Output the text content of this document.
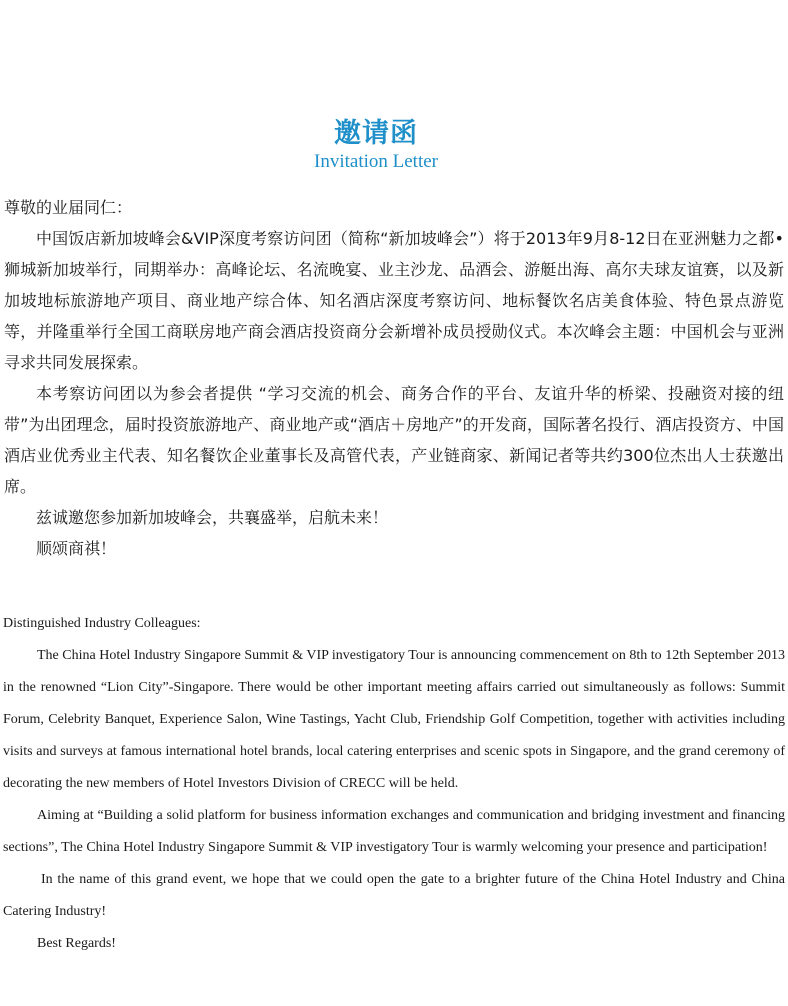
邀请函
Invitation Letter

尊敬的业届同仁：

中国饭店新加坡峰会&VIP深度考察访问团（简称“新加坡峰会”）将于2013年9月8-12日在亚洲魅力之都• 狮城新加坡举行，同期举办：高峰论坛、名流晚宴、业主沙龙、品酒会、游艇出海、高尔夫球友谊赛，以及新加坡地标旅游地产项目、商业地产综合体、知名酒店深度考察访问、地标餐饮名店美食体验、特色景点游览等，并隆重举行全国工商联房地产商会酒店投资商分会新增补成员授勋仪式。本次峰会主题：中国机会与亚洲寻求共同发展探索。

本考察访问团以为参会者提供 “学习交流的机会、商务合作的平台、友谊升华的桥梁、投融资对接的纽带”为出团理念，届时投资旅游地产、商业地产或“酒店＋房地产”的开发商，国际著名投行、酒店投资方、中国酒店业优秀业主代表、知名餐饮企业董事长及高管代表，产业链商家、新闻记者等共约300位杰出人士获邀出席。

兹诚邀您参加新加坡峰会，共襄盛举，启航未来！

顺颂商祺！

Distinguished Industry Colleagues:

The China Hotel Industry Singapore Summit & VIP investigatory Tour is announcing commencement on 8th to 12th September 2013 in the renowned “Lion City”-Singapore. There would be other important meeting affairs carried out simultaneously as follows: Summit Forum, Celebrity Banquet, Experience Salon, Wine Tastings, Yacht Club, Friendship Golf Competition, together with activities including visits and surveys at famous international hotel brands, local catering enterprises and scenic spots in Singapore, and the grand ceremony of decorating the new members of Hotel Investors Division of CRECC will be held.

Aiming at “Building a solid platform for business information exchanges and communication and bridging investment and financing sections”, The China Hotel Industry Singapore Summit & VIP investigatory Tour is warmly welcoming your presence and participation!

In the name of this grand event, we hope that we could open the gate to a brighter future of the China Hotel Industry and China Catering Industry!

Best Regards!
